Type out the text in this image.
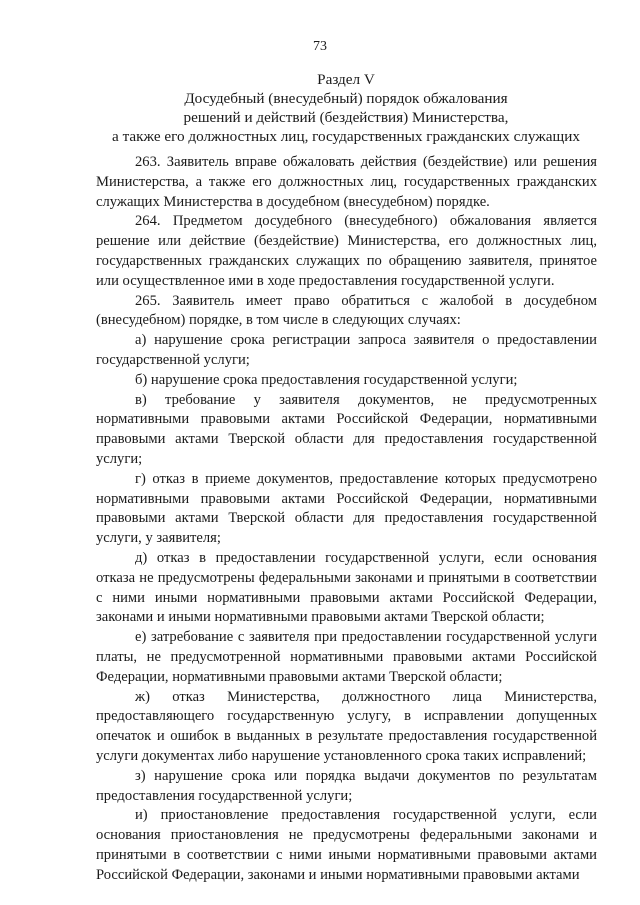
73
Раздел V
Досудебный (внесудебный) порядок обжалования
решений и действий (бездействия) Министерства,
а также его должностных лиц, государственных гражданских служащих

263. Заявитель вправе обжаловать действия (бездействие) или решения Министерства, а также его должностных лиц, государственных гражданских служащих Министерства в досудебном (внесудебном) порядке.

264. Предметом досудебного (внесудебного) обжалования является решение или действие (бездействие) Министерства, его должностных лиц, государственных гражданских служащих по обращению заявителя, принятое или осуществленное ими в ходе предоставления государственной услуги.

265. Заявитель имеет право обратиться с жалобой в досудебном (внесудебном) порядке, в том числе в следующих случаях:

а) нарушение срока регистрации запроса заявителя о предоставлении государственной услуги;

б) нарушение срока предоставления государственной услуги;

в) требование у заявителя документов, не предусмотренных нормативными правовыми актами Российской Федерации, нормативными правовыми актами Тверской области для предоставления государственной услуги;

г) отказ в приеме документов, предоставление которых предусмотрено нормативными правовыми актами Российской Федерации, нормативными правовыми актами Тверской области для предоставления государственной услуги, у заявителя;

д) отказ в предоставлении государственной услуги, если основания отказа не предусмотрены федеральными законами и принятыми в соответствии с ними иными нормативными правовыми актами Российской Федерации, законами и иными нормативными правовыми актами Тверской области;

е) затребование с заявителя при предоставлении государственной услуги платы, не предусмотренной нормативными правовыми актами Российской Федерации, нормативными правовыми актами Тверской области;

ж) отказ Министерства, должностного лица Министерства, предоставляющего государственную услугу, в исправлении допущенных опечаток и ошибок в выданных в результате предоставления государственной услуги документах либо нарушение установленного срока таких исправлений;

з) нарушение срока или порядка выдачи документов по результатам предоставления государственной услуги;

и) приостановление предоставления государственной услуги, если основания приостановления не предусмотрены федеральными законами и принятыми в соответствии с ними иными нормативными правовыми актами Российской Федерации, законами и иными нормативными правовыми актами
